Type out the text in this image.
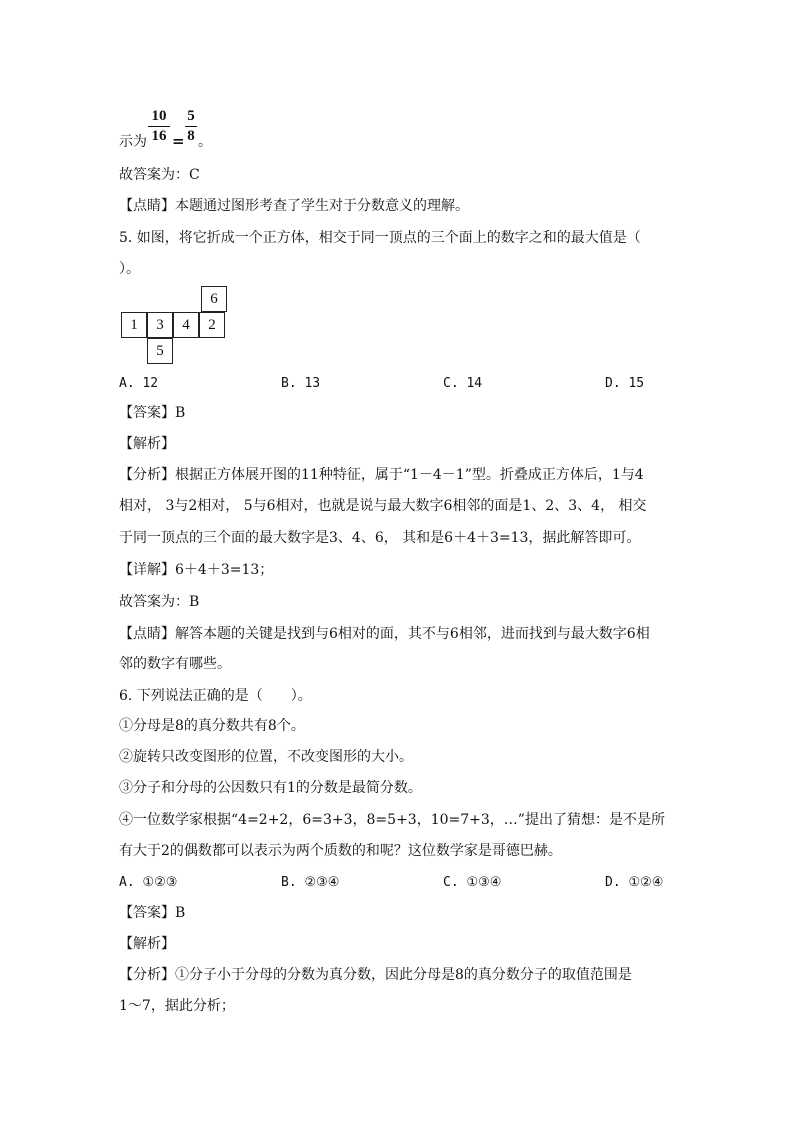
示为
10
16 =
5
8 。
故答案为：C
【点睛】本题通过图形考查了学生对于分数意义的理解。
5. 如图，将它折成一个正方体，相交于同一顶点的三个面上的数字之和的最大值是（
）。
6
1	3	4	2
5
A. 12	B. 13	C. 14	D. 15
【答案】B
【解析】
【分析】根据正方体展开图的11种特征，属于“1－4－1”型。折叠成正方体后，1与4
相对， 3与2相对， 5与6相对，也就是说与最大数字6相邻的面是1、2、3、4， 相交
于同一顶点的三个面的最大数字是3、4、6， 其和是6＋4＋3=13，据此解答即可。
【详解】6＋4＋3=13；
故答案为：B
【点睛】解答本题的关键是找到与6相对的面，其不与6相邻，进而找到与最大数字6相
邻的数字有哪些。
6. 下列说法正确的是（　　）。
①分母是8的真分数共有8个。
②旋转只改变图形的位置，不改变图形的大小。
③分子和分母的公因数只有1的分数是最简分数。
④一位数学家根据“4=2+2，6=3+3，8=5+3，10=7+3，…”提出了猜想：是不是所
有大于2的偶数都可以表示为两个质数的和呢？这位数学家是哥德巴赫。
A. ①②③	B. ②③④	C. ①③④	D. ①②④
【答案】B
【解析】
【分析】①分子小于分母的分数为真分数，因此分母是8的真分数分子的取值范围是
1～7，据此分析；
